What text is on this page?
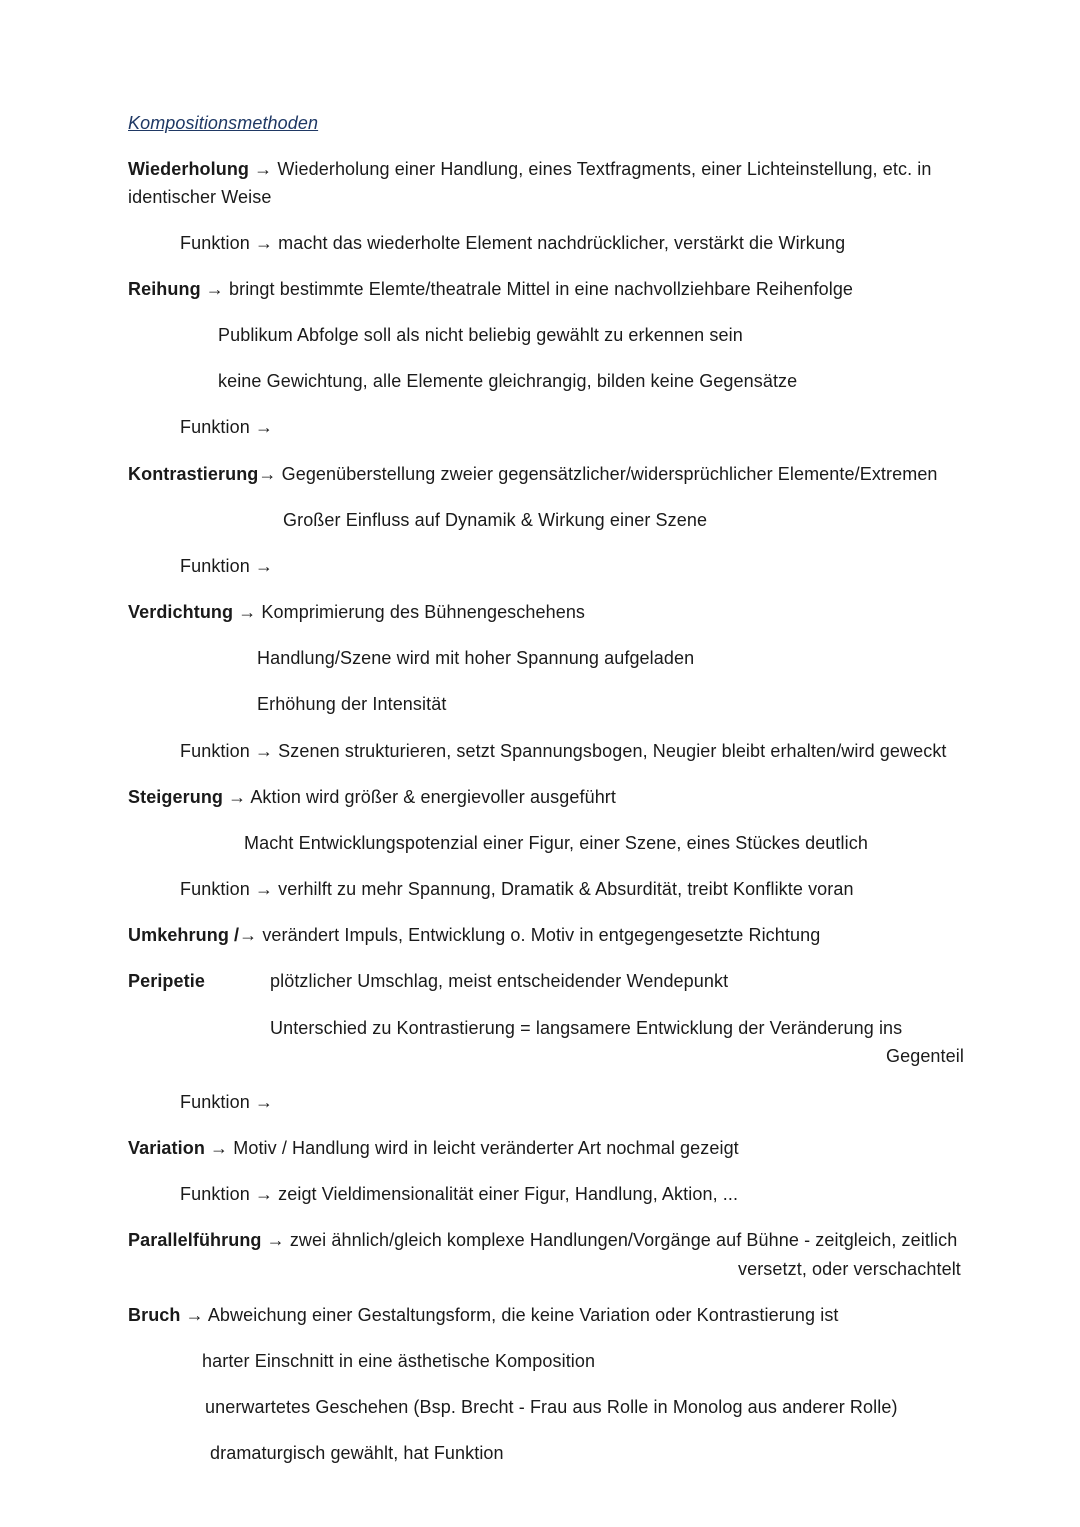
Kompositionsmethoden
Wiederholung → Wiederholung einer Handlung, eines Textfragments, einer Lichteinstellung, etc. in
identischer Weise
Funktion → macht das wiederholte Element nachdrücklicher, verstärkt die Wirkung
Reihung → bringt bestimmte Elemte/theatrale Mittel in eine nachvollziehbare Reihenfolge
Publikum Abfolge soll als nicht beliebig gewählt zu erkennen sein
keine Gewichtung, alle Elemente gleichrangig, bilden keine Gegensätze
Funktion →
Kontrastierung→ Gegenüberstellung zweier gegensätzlicher/widersprüchlicher Elemente/Extremen
Großer Einfluss auf Dynamik & Wirkung einer Szene
Funktion →
Verdichtung → Komprimierung des Bühnengeschehens
Handlung/Szene wird mit hoher Spannung aufgeladen
Erhöhung der Intensität
Funktion → Szenen strukturieren, setzt Spannungsbogen, Neugier bleibt erhalten/wird geweckt
Steigerung → Aktion wird größer & energievoller ausgeführt
Macht Entwicklungspotenzial einer Figur, einer Szene, eines Stückes deutlich
Funktion → verhilft zu mehr Spannung, Dramatik & Absurdität, treibt Konflikte voran
Umkehrung /→ verändert Impuls, Entwicklung o. Motiv in entgegengesetzte Richtung
Peripetie	plötzlicher Umschlag, meist entscheidender Wendepunkt
Unterschied zu Kontrastierung = langsamere Entwicklung der Veränderung ins
Gegenteil
Funktion →
Variation → Motiv / Handlung wird in leicht veränderter Art nochmal gezeigt
Funktion → zeigt Vieldimensionalität einer Figur, Handlung, Aktion, ...
Parallelführung → zwei ähnlich/gleich komplexe Handlungen/Vorgänge auf Bühne - zeitgleich, zeitlich
versetzt, oder verschachtelt
Bruch → Abweichung einer Gestaltungsform, die keine Variation oder Kontrastierung ist
harter Einschnitt in eine ästhetische Komposition
unerwartetes Geschehen (Bsp. Brecht - Frau aus Rolle in Monolog aus anderer Rolle)
dramaturgisch gewählt, hat Funktion
